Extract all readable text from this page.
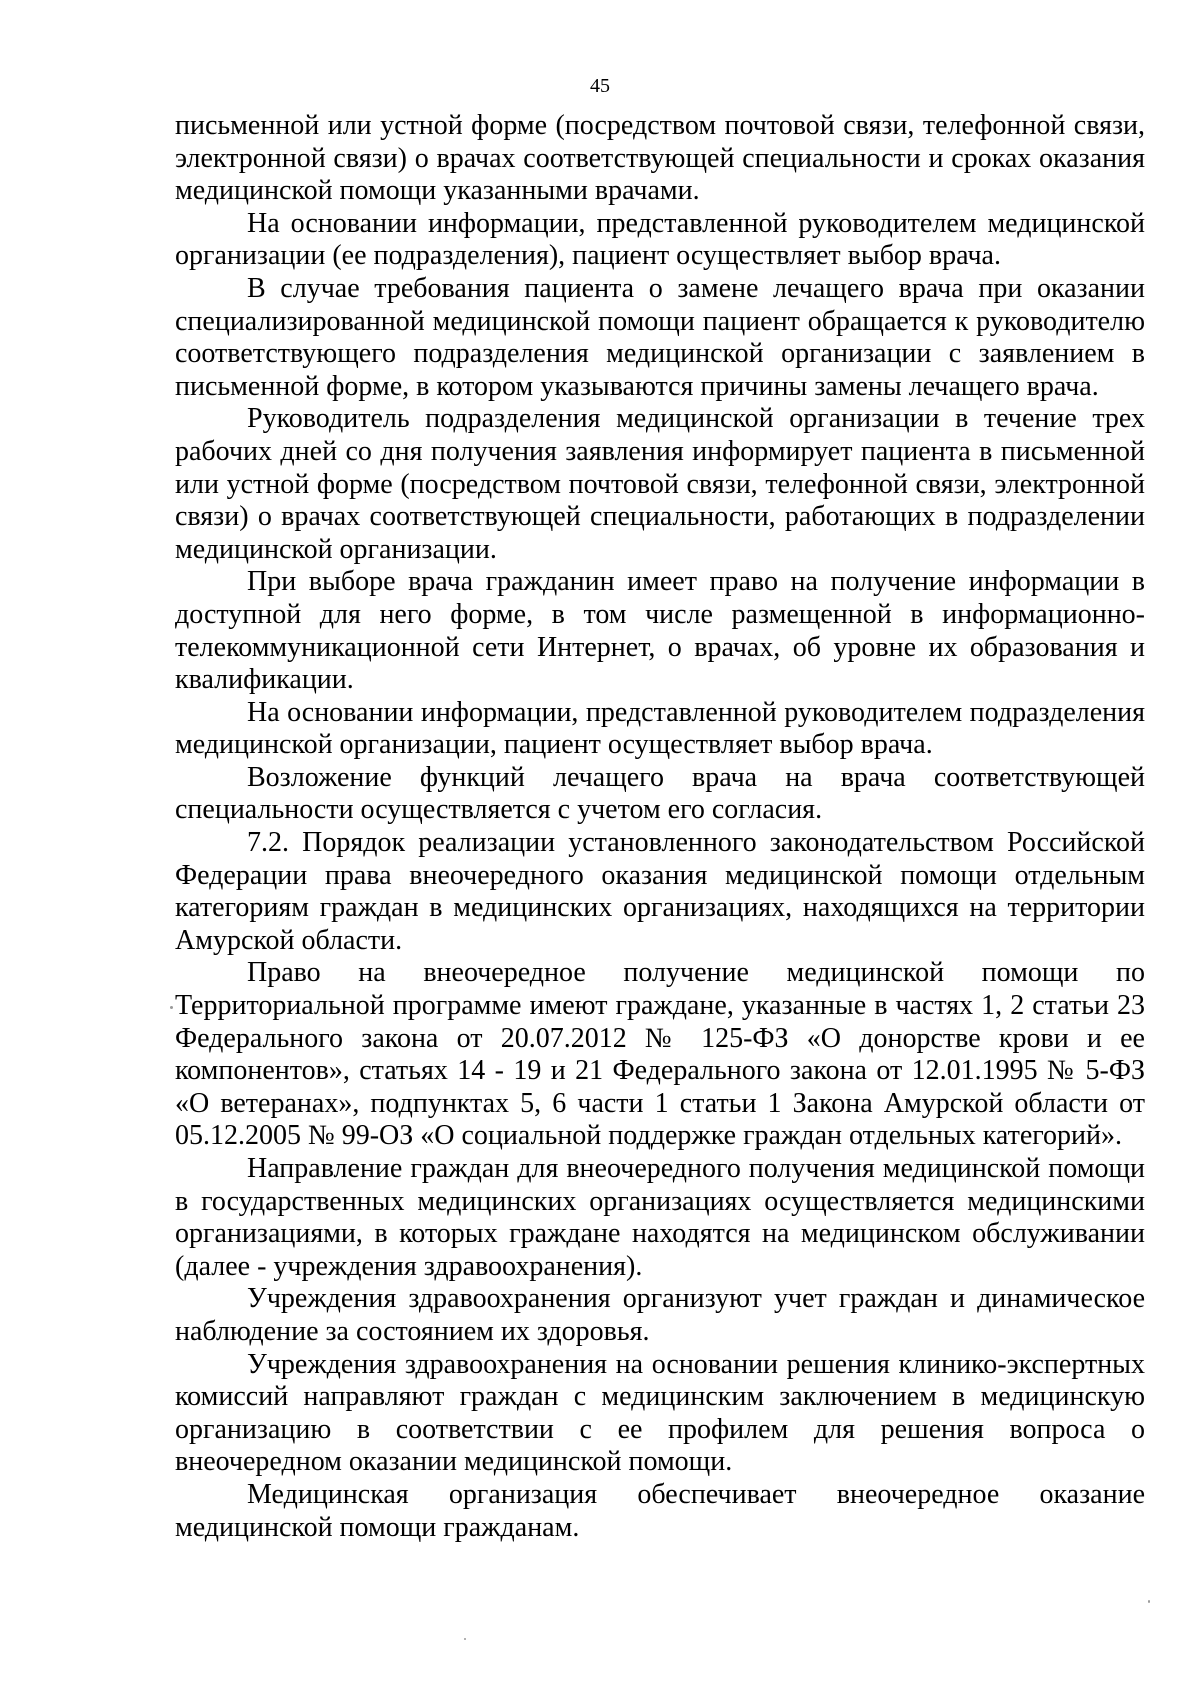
45

письменной или устной форме (посредством почтовой связи, телефонной связи, электронной связи) о врачах соответствующей специальности и сроках оказания медицинской помощи указанными врачами.

На основании информации, представленной руководителем медицинской организации (ее подразделения), пациент осуществляет выбор врача.

В случае требования пациента о замене лечащего врача при оказании специализированной медицинской помощи пациент обращается к руководителю соответствующего подразделения медицинской организации с заявлением в письменной форме, в котором указываются причины замены лечащего врача.

Руководитель подразделения медицинской организации в течение трех рабочих дней со дня получения заявления информирует пациента в письменной или устной форме (посредством почтовой связи, телефонной связи, электронной связи) о врачах соответствующей специальности, работающих в подразделении медицинской организации.

При выборе врача гражданин имеет право на получение информации в доступной для него форме, в том числе размещенной в информационно-телекоммуникационной сети Интернет, о врачах, об уровне их образования и квалификации.

На основании информации, представленной руководителем подразделения медицинской организации, пациент осуществляет выбор врача.

Возложение функций лечащего врача на врача соответствующей специальности осуществляется с учетом его согласия.

7.2. Порядок реализации установленного законодательством Российской Федерации права внеочередного оказания медицинской помощи отдельным категориям граждан в медицинских организациях, находящихся на территории Амурской области.

Право на внеочередное получение медицинской помощи по Территориальной программе имеют граждане, указанные в частях 1, 2 статьи 23 Федерального закона от 20.07.2012 № 125-ФЗ «О донорстве крови и ее компонентов», статьях 14 - 19 и 21 Федерального закона от 12.01.1995 № 5-ФЗ «О ветеранах», подпунктах 5, 6 части 1 статьи 1 Закона Амурской области от 05.12.2005 № 99-ОЗ «О социальной поддержке граждан отдельных категорий».

Направление граждан для внеочередного получения медицинской помощи в государственных медицинских организациях осуществляется медицинскими организациями, в которых граждане находятся на медицинском обслуживании (далее - учреждения здравоохранения).

Учреждения здравоохранения организуют учет граждан и динамическое наблюдение за состоянием их здоровья.

Учреждения здравоохранения на основании решения клинико-экспертных комиссий направляют граждан с медицинским заключением в медицинскую организацию в соответствии с ее профилем для решения вопроса о внеочередном оказании медицинской помощи.

Медицинская организация обеспечивает внеочередное оказание медицинской помощи гражданам.
